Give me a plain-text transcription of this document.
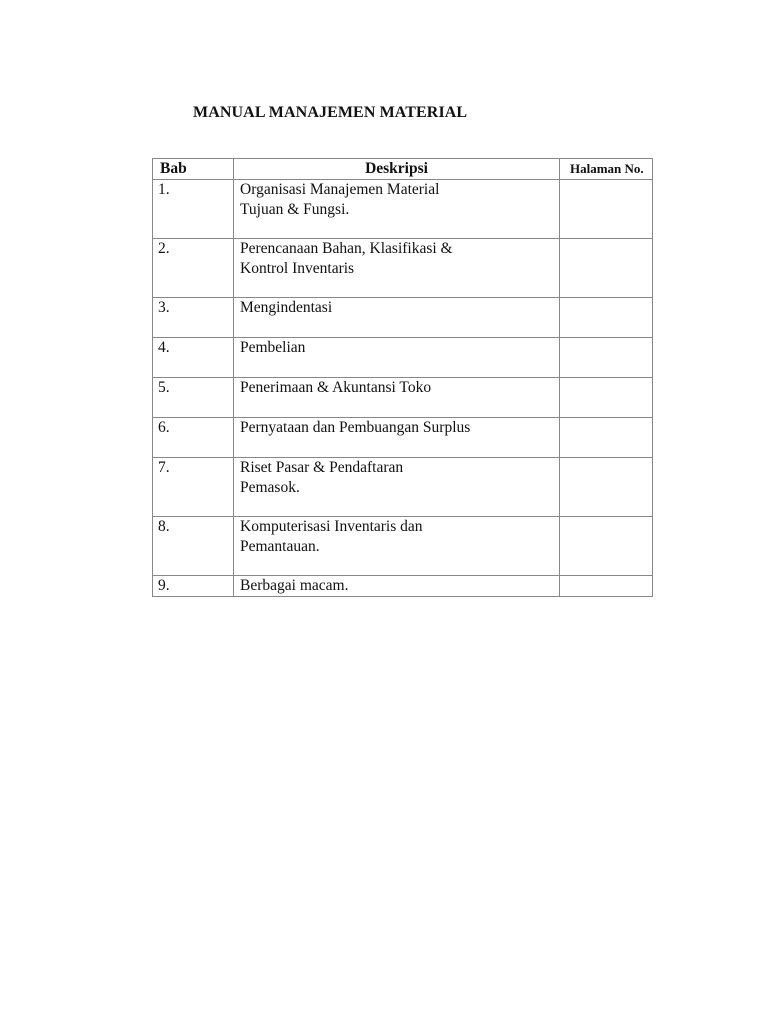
MANUAL MANAJEMEN MATERIAL
Bab	Deskripsi	Halaman No.
1.	Organisasi Manajemen Material
Tujuan & Fungsi.	

2.	Perencanaan Bahan, Klasifikasi &
Kontrol Inventaris	

3.	Mengindentasi	

4.	Pembelian	

5.	Penerimaan & Akuntansi Toko	

6.	Pernyataan dan Pembuangan Surplus	

7.	Riset Pasar & Pendaftaran
Pemasok.	

8.	Komputerisasi Inventaris dan
Pemantauan.	

9.	Berbagai macam.	
